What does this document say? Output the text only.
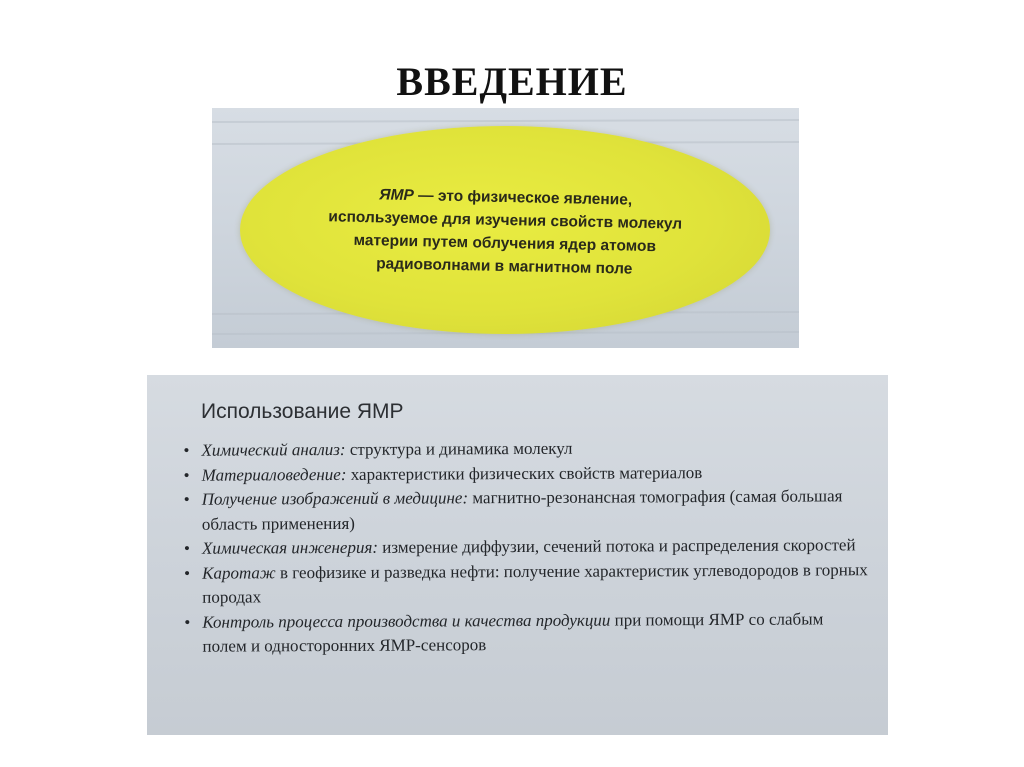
ВВЕДЕНИЕ
ЯМР — это физическое явление,
используемое для изучения свойств молекул
материи путем облучения ядер атомов
радиоволнами в магнитном поле
Использование ЯМР
• Химический анализ: структура и динамика молекул
• Материаловедение: характеристики физических свойств материалов
• Получение изображений в медицине: магнитно-резонансная томография (самая большая область применения)
• Химическая инженерия: измерение диффузии, сечений потока и распределения скоростей
• Каротаж в геофизике и разведка нефти: получение характеристик углеводородов в горных породах
• Контроль процесса производства и качества продукции при помощи ЯМР со слабым полем и односторонних ЯМР-сенсоров
